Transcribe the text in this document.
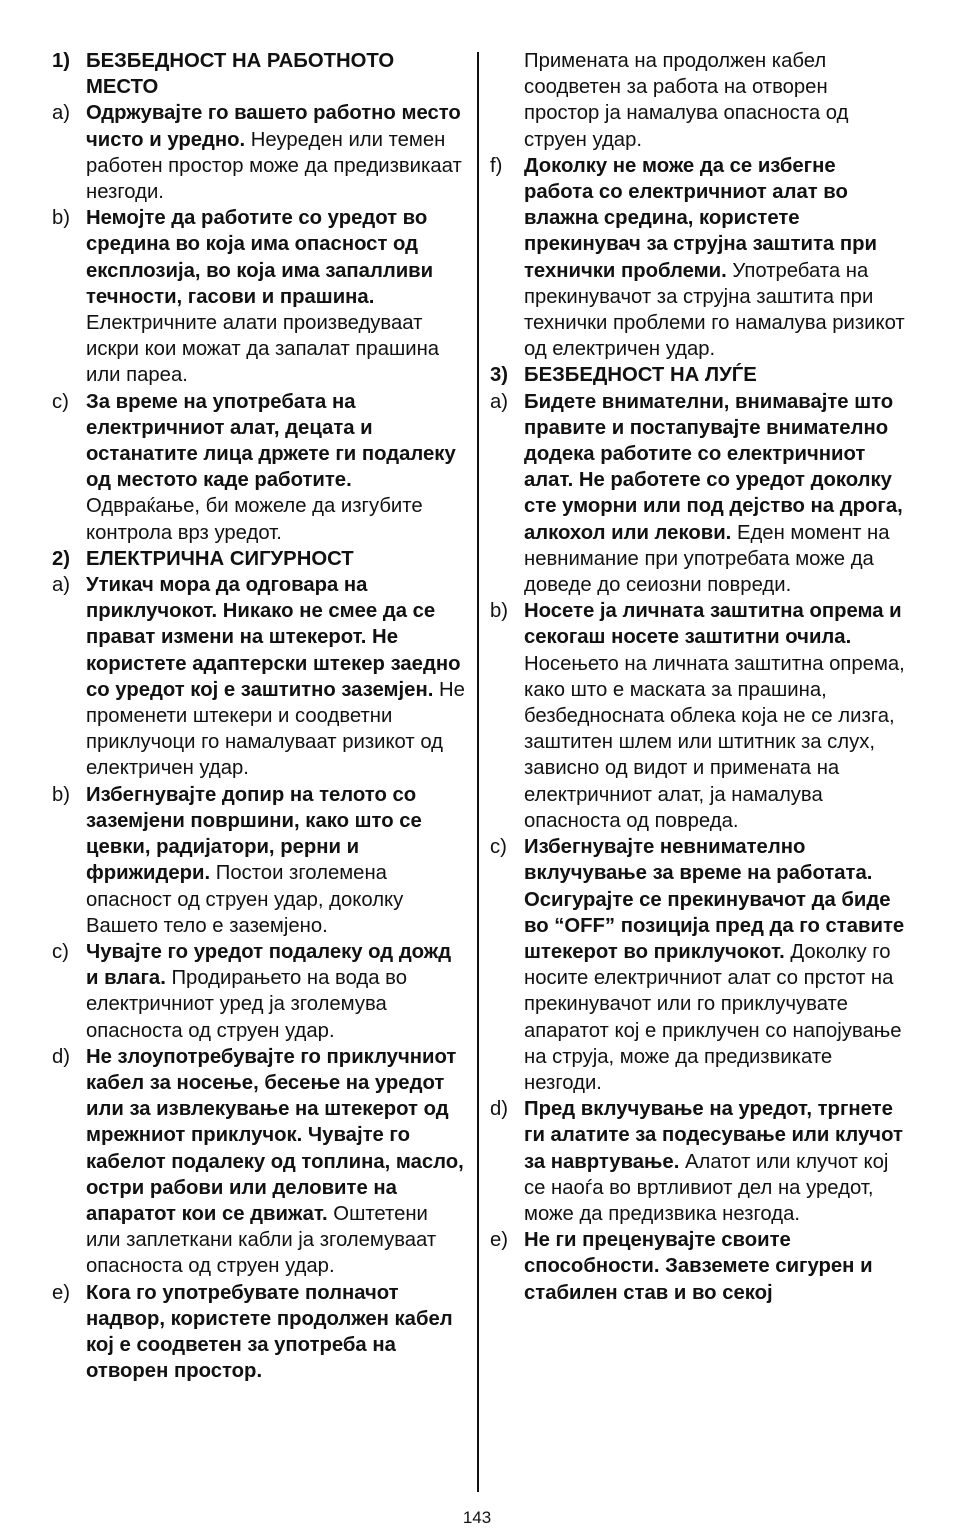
1) БЕЗБЕДНОСТ НА РАБОТНОТО МЕСТО
a) Одржувајте го вашето работно место чисто и уредно. Неуреден или темен работен простор може да предизвикаат незгоди.
b) Немојте да работите со уредот во средина во која има опасност од експлозија, во која има запалливи течности, гасови и прашина. Електричните алати произведуваат искри кои можат да запалат прашина или пареа.
c) За време на употребата на електричниот алат, децата и останатите лица држете ги подалеку од местото каде работите. Одвраќање, би можеле да изгубите контрола врз уредот.
2) ЕЛЕКТРИЧНА СИГУРНОСТ
a) Утикач мора да одговара на приклучокот. Никако не смее да се прават измени на штекерот. Не користете адаптерски штекер заедно со уредот кој е заштитно заземјен. Не променети штекери и соодветни приклучоци го намалуваат ризикот од електричен удар.
b) Избегнувајте допир на телото со заземјени површини, како што се цевки, радијатори, рерни и фрижидери. Постои зголемена опасност од струен удар, доколку Вашето тело е заземјено.
c) Чувајте го уредот подалеку од дожд и влага. Продирањето на вода во електричниот уред ја зголемува опасноста од струен удар.
d) Не злоупотребувајте го приклучниот кабел за носење, бесење на уредот или за извлекување на штекерот од мрежниот приклучок. Чувајте го кабелот подалеку од топлина, масло, остри рабови или деловите на апаратот кои се движат. Оштетени или заплеткани кабли ја зголемуваат опасноста од струен удар.
e) Кога го употребувате полначот надвор, користете продолжен кабел кој е соодветен за употреба на отворен простор.
Примената на продолжен кабел соодветен за работа на отворен простор ја намалува опасноста од струен удар.
f) Доколку не може да се избегне работа со електричниот алат во влажна средина, користете прекинувач за струјна заштита при технички проблеми. Употребата на прекинувачот за струјна заштита при технички проблеми го намалува ризикот од електричен удар.
3) БЕЗБЕДНОСТ НА ЛУЃЕ
a) Бидете внимателни, внимавајте што правите и постапувајте внимателно додека работите со електричниот алат. Не работете со уредот доколку сте уморни или под дејство на дрога, алкохол или лекови. Еден момент на невнимание при употребата може да доведе до сеиозни повреди.
b) Носете ја личната заштитна опрема и секогаш носете заштитни очила. Носењето на личната заштитна опрема, како што е маската за прашина, безбедносната облека која не се лизга, заштитен шлем или штитник за слух, зависно од видот и примената на електричниот алат, ја намалува опасноста од повреда.
c) Избегнувајте невнимателно вклучување за време на работата. Осигурајте се прекинувачот да биде во “OFF” позиција пред да го ставите штекерот во приклучокот. Доколку го носите електричниот алат со прстот на прекинувачот или го приклучувате апаратот кој е приклучен со напојување на струја, може да предизвикате незгоди.
d) Пред вклучување на уредот, тргнете ги алатите за подесување или клучот за навртување. Алатот или клучот кој се наоѓа во вртливиот дел на уредот, може да предизвика незгода.
e) Не ги преценувајте своите способности. Завземете сигурен и стабилен став и во секој
143
